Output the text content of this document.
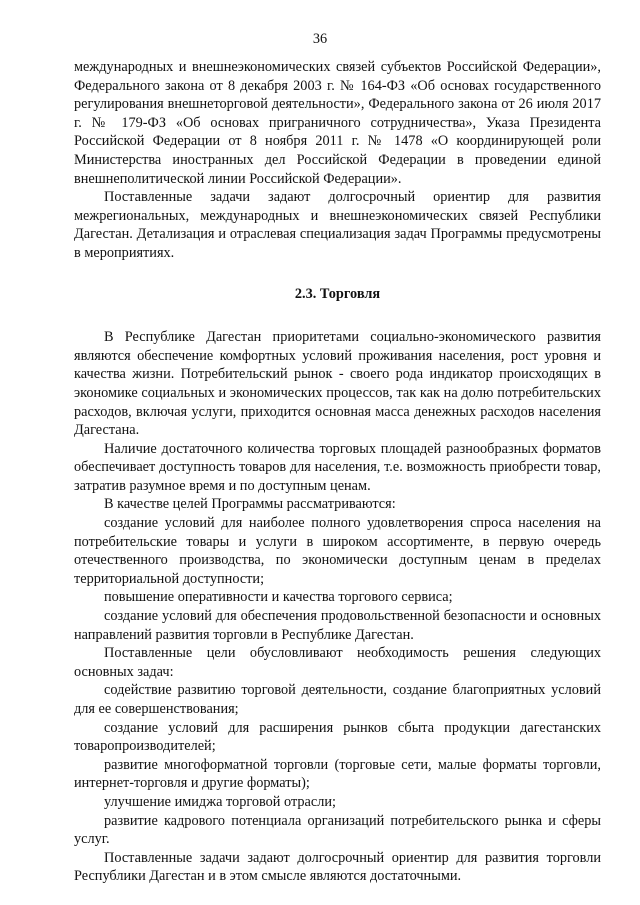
36

международных и внешнеэкономических связей субъектов Российской Федерации», Федерального закона от 8 декабря 2003 г. № 164-ФЗ «Об основах государственного регулирования внешнеторговой деятельности», Федерального закона от 26 июля 2017 г. № 179-ФЗ «Об основах приграничного сотрудничества», Указа Президента Российской Федерации от 8 ноября 2011 г. № 1478 «О координирующей роли Министерства иностранных дел Российской Федерации в проведении единой внешнеполитической линии Российской Федерации».

Поставленные задачи задают долгосрочный ориентир для развития межрегиональных, международных и внешнеэкономических связей Республики Дагестан. Детализация и отраслевая специализация задач Программы предусмотрены в мероприятиях.

2.3. Торговля

В Республике Дагестан приоритетами социально-экономического развития являются обеспечение комфортных условий проживания населения, рост уровня и качества жизни. Потребительский рынок - своего рода индикатор происходящих в экономике социальных и экономических процессов, так как на долю потребительских расходов, включая услуги, приходится основная масса денежных расходов населения Дагестана.

Наличие достаточного количества торговых площадей разнообразных форматов обеспечивает доступность товаров для населения, т.е. возможность приобрести товар, затратив разумное время и по доступным ценам.

В качестве целей Программы рассматриваются:

создание условий для наиболее полного удовлетворения спроса населения на потребительские товары и услуги в широком ассортименте, в первую очередь отечественного производства, по экономически доступным ценам в пределах территориальной доступности;

повышение оперативности и качества торгового сервиса;

создание условий для обеспечения продовольственной безопасности и основных направлений развития торговли в Республике Дагестан.

Поставленные цели обусловливают необходимость решения следующих основных задач:

содействие развитию торговой деятельности, создание благоприятных условий для ее совершенствования;

создание условий для расширения рынков сбыта продукции дагестанских товаропроизводителей;

развитие многоформатной торговли (торговые сети, малые форматы торговли, интернет-торговля и другие форматы);

улучшение имиджа торговой отрасли;

развитие кадрового потенциала организаций потребительского рынка и сферы услуг.

Поставленные задачи задают долгосрочный ориентир для развития торговли Республики Дагестан и в этом смысле являются достаточными.
